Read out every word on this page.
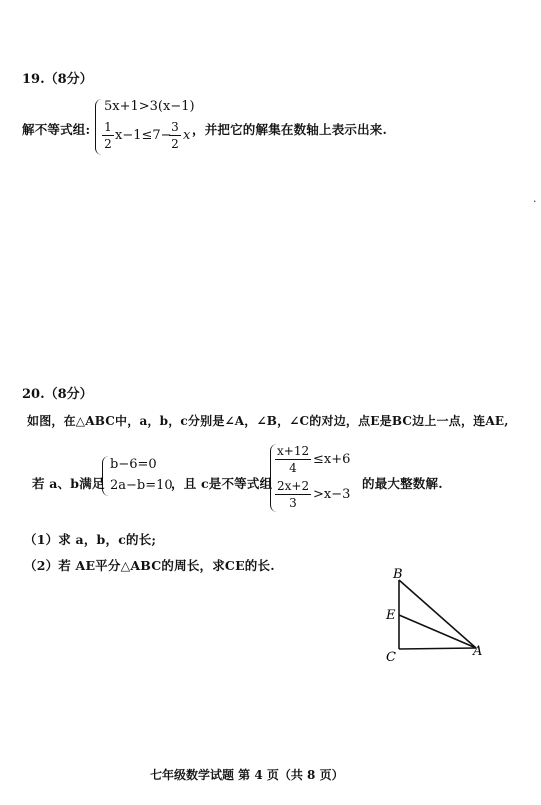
·
19.（8分）
解不等式组:
5x+1>3(x−1)
1
2
x−1≤7−
3
2
x ，并把它的解集在数轴上表示出来.
20.（8分）
如图，在△ABC中，a，b，c分别是∠A，∠B，∠C的对边，点E是BC边上一点，连AE,
若 a、b满足
b−6=0
2a−b=10
，且 c是不等式组
x+12
4
≤x+6
2x+2
3
>x−3
的最大整数解.
（1）求 a，b，c的长;
（2）若 AE平分△ABC的周长，求CE的长.
B
E
C	A
七年级数学试题 第 4 页（共 8 页）
